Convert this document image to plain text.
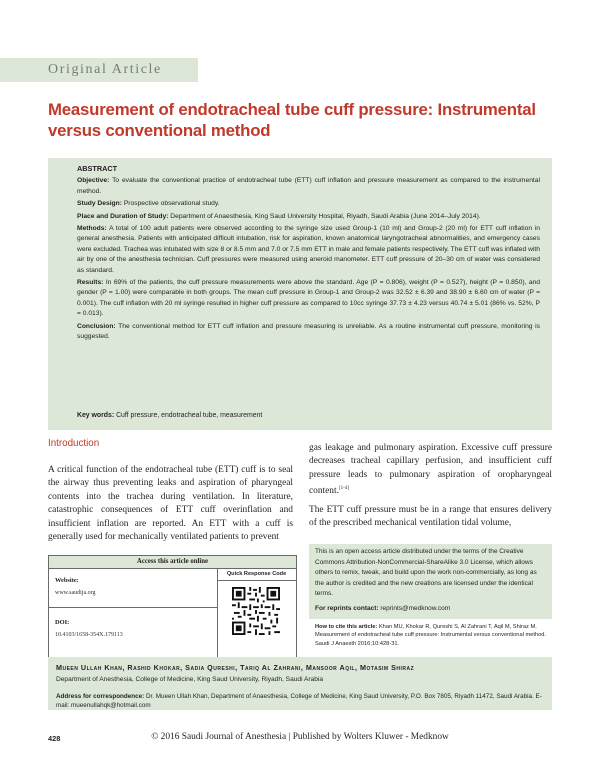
Original Article
Measurement of endotracheal tube cuff pressure: Instrumental versus conventional method

ABSTRACT

Objective: To evaluate the conventional practice of endotracheal tube (ETT) cuff inflation and pressure measurement as compared to the instrumental method.

Study Design: Prospective observational study.

Place and Duration of Study: Department of Anaesthesia, King Saud University Hospital, Riyadh, Saudi Arabia (June 2014–July 2014).

Methods: A total of 100 adult patients were observed according to the syringe size used Group-1 (10 ml) and Group-2 (20 ml) for ETT cuff inflation in general anesthesia. Patients with anticipated difficult intubation, risk for aspiration, known anatomical laryngotracheal abnormalities, and emergency cases were excluded. Trachea was intubated with size 8 or 8.5 mm and 7.0 or 7.5 mm ETT in male and female patients respectively. The ETT cuff was inflated with air by one of the anesthesia technician. Cuff pressures were measured using aneroid manometer. ETT cuff pressure of 20–30 cm of water was considered as standard.

Results: In 69% of the patients, the cuff pressure measurements were above the standard. Age (P = 0.806), weight (P = 0.527), height (P = 0.850), and gender (P = 1.00) were comparable in both groups. The mean cuff pressure in Group-1 and Group-2 was 32.52 ± 6.39 and 38.90 ± 6.60 cm of water (P = 0.001). The cuff inflation with 20 ml syringe resulted in higher cuff pressure as compared to 10cc syringe 37.73 ± 4.23 versus 40.74 ± 5.01 (86% vs. 52%, P = 0.013).

Conclusion: The conventional method for ETT cuff inflation and pressure measuring is unreliable. As a routine instrumental cuff pressure, monitoring is suggested.

Key words: Cuff pressure, endotracheal tube, measurement
Introduction
A critical function of the endotracheal tube (ETT) cuff is to seal the airway thus preventing leaks and aspiration of pharyngeal contents into the trachea during ventilation. In literature, catastrophic consequences of ETT cuff overinflation and insufficient inflation are reported. An ETT with a cuff is generally used for mechanically ventilated patients to prevent
gas leakage and pulmonary aspiration. Excessive cuff pressure decreases tracheal capillary perfusion, and insufficient cuff pressure leads to pulmonary aspiration of oropharyngeal content.[1-4]
The ETT cuff pressure must be in a range that ensures delivery of the prescribed mechanical ventilation tidal volume,
Access this article online
Quick Response Code
Website:
www.saudija.org
DOI:
10.4103/1658-354X.179113

This is an open access article distributed under the terms of the Creative Commons Attribution-NonCommercial-ShareAlike 3.0 License, which allows others to remix, tweak, and build upon the work non-commercially, as long as the author is credited and the new creations are licensed under the identical terms.

For reprints contact: reprints@medknow.com

How to cite this article: Khan MU, Khokar R, Qureshi S, Al Zahrani T, Aqil M, Shiraz M. Measurement of endotracheal tube cuff pressure: Instrumental versus conventional method. Saudi J Anaesth 2016;10:428-31.
Mueen Ullah Khan, Rashid Khokar, Sadia Qureshi, Tariq Al Zahrani, Mansoor Aqil, Motasim Shiraz
Department of Anesthesia, College of Medicine, King Saud University, Riyadh, Saudi Arabia
Address for correspondence: Dr. Mueen Ullah Khan, Department of Anaesthesia, College of Medicine, King Saud University, P.O. Box 7805, Riyadh 11472, Saudi Arabia. E-mail: mueenullahqk@hotmail.com
428	© 2016 Saudi Journal of Anesthesia | Published by Wolters Kluwer - Medknow
